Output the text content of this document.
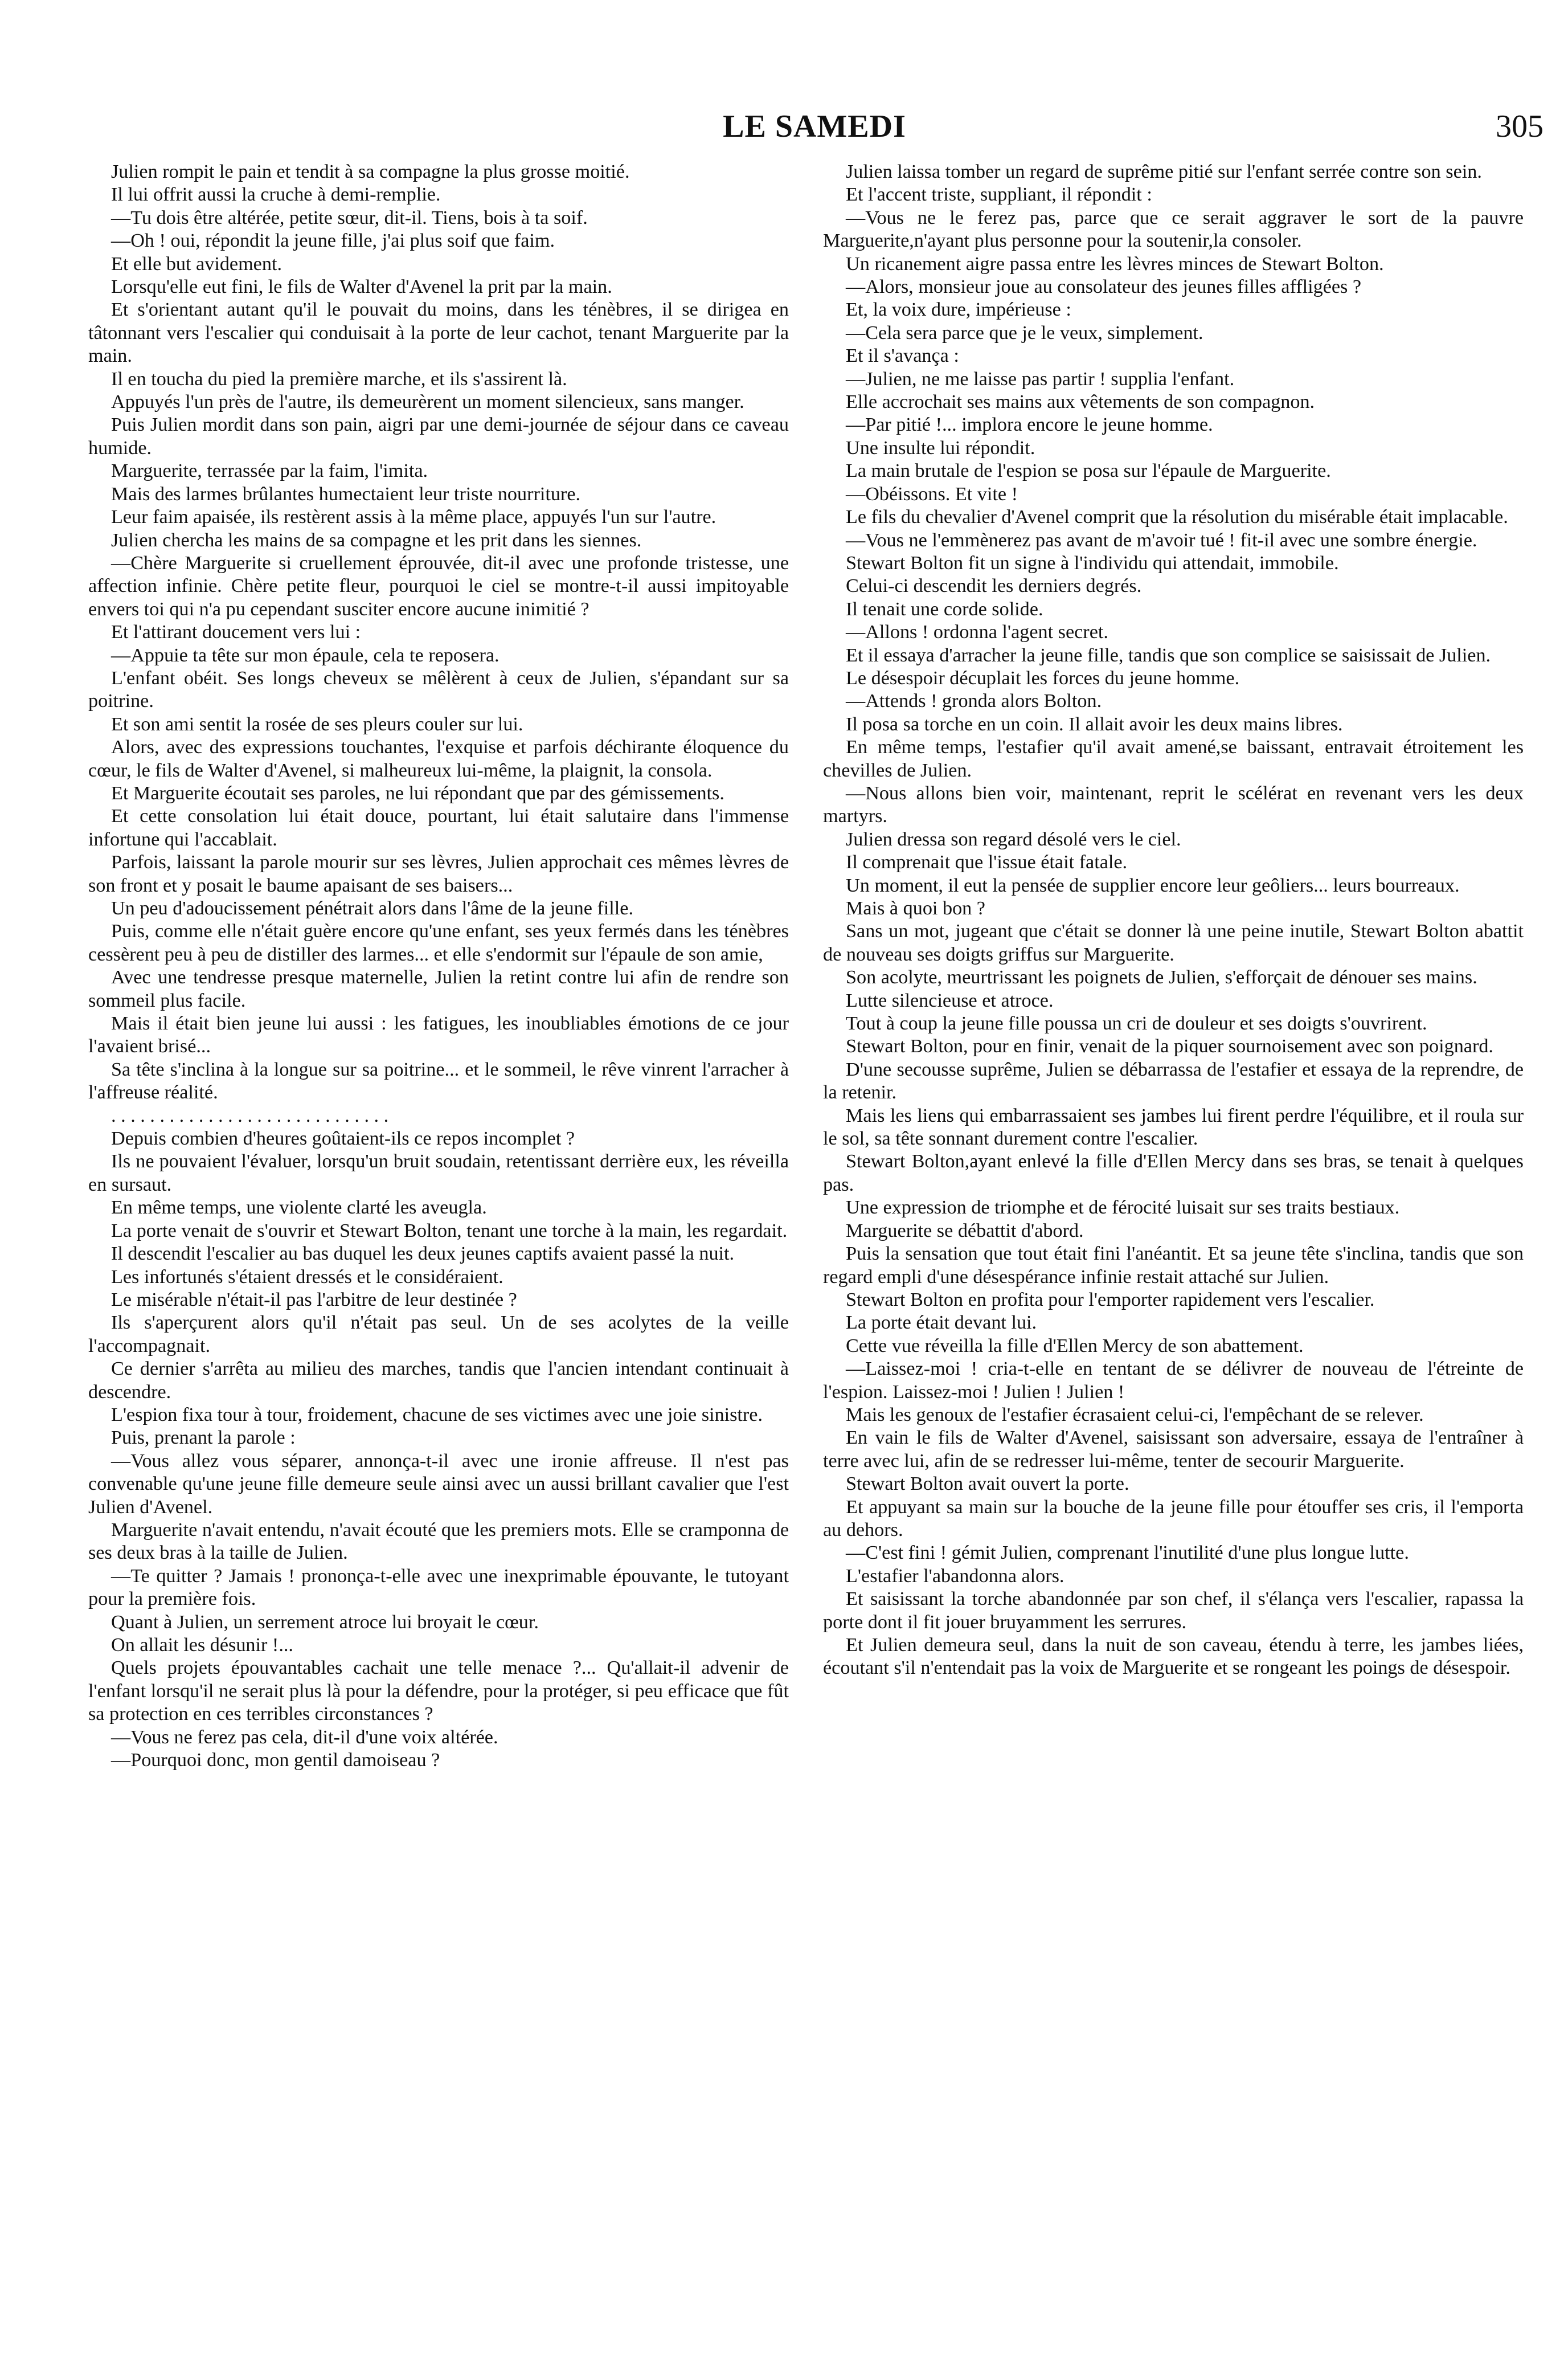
LE SAMEDI	305

Julien rompit le pain et tendit à sa compagne la plus grosse moitié.

Il lui offrit aussi la cruche à demi-remplie.

—Tu dois être altérée, petite sœur, dit-il. Tiens, bois à ta soif.

—Oh ! oui, répondit la jeune fille, j'ai plus soif que faim.

Et elle but avidement.

Lorsqu'elle eut fini, le fils de Walter d'Avenel la prit par la main.

Et s'orientant autant qu'il le pouvait du moins, dans les ténèbres, il se dirigea en tâtonnant vers l'escalier qui conduisait à la porte de leur cachot, tenant Marguerite par la main.

Il en toucha du pied la première marche, et ils s'assirent là.

Appuyés l'un près de l'autre, ils demeurèrent un moment silencieux, sans manger.

Puis Julien mordit dans son pain, aigri par une demi-journée de séjour dans ce caveau humide.

Marguerite, terrassée par la faim, l'imita.

Mais des larmes brûlantes humectaient leur triste nourriture.

Leur faim apaisée, ils restèrent assis à la même place, appuyés l'un sur l'autre.

Julien chercha les mains de sa compagne et les prit dans les siennes.

—Chère Marguerite si cruellement éprouvée, dit-il avec une profonde tristesse, une affection infinie. Chère petite fleur, pourquoi le ciel se montre-t-il aussi impitoyable envers toi qui n'a pu cependant susciter encore aucune inimitié ?

Et l'attirant doucement vers lui :

—Appuie ta tête sur mon épaule, cela te reposera.

L'enfant obéit. Ses longs cheveux se mêlèrent à ceux de Julien, s'épandant sur sa poitrine.

Et son ami sentit la rosée de ses pleurs couler sur lui.

Alors, avec des expressions touchantes, l'exquise et parfois déchirante éloquence du cœur, le fils de Walter d'Avenel, si malheureux lui-même, la plaignit, la consola.

Et Marguerite écoutait ses paroles, ne lui répondant que par des gémissements.

Et cette consolation lui était douce, pourtant, lui était salutaire dans l'immense infortune qui l'accablait.

Parfois, laissant la parole mourir sur ses lèvres, Julien approchait ces mêmes lèvres de son front et y posait le baume apaisant de ses baisers...

Un peu d'adoucissement pénétrait alors dans l'âme de la jeune fille.

Puis, comme elle n'était guère encore qu'une enfant, ses yeux fermés dans les ténèbres cessèrent peu à peu de distiller des larmes... et elle s'endormit sur l'épaule de son amie,

Avec une tendresse presque maternelle, Julien la retint contre lui afin de rendre son sommeil plus facile.

Mais il était bien jeune lui aussi : les fatigues, les inoubliables émotions de ce jour l'avaient brisé...

Sa tête s'inclina à la longue sur sa poitrine... et le sommeil, le rêve vinrent l'arracher à l'affreuse réalité.

. . . . . . . . . . . . . . . . . . . . . . . . . . . . .

Depuis combien d'heures goûtaient-ils ce repos incomplet ?

Ils ne pouvaient l'évaluer, lorsqu'un bruit soudain, retentissant derrière eux, les réveilla en sursaut.

En même temps, une violente clarté les aveugla.

La porte venait de s'ouvrir et Stewart Bolton, tenant une torche à la main, les regardait.

Il descendit l'escalier au bas duquel les deux jeunes captifs avaient passé la nuit.

Les infortunés s'étaient dressés et le considéraient.

Le misérable n'était-il pas l'arbitre de leur destinée ?

Ils s'aperçurent alors qu'il n'était pas seul. Un de ses acolytes de la veille l'accompagnait.

Ce dernier s'arrêta au milieu des marches, tandis que l'ancien intendant continuait à descendre.

L'espion fixa tour à tour, froidement, chacune de ses victimes avec une joie sinistre.

Puis, prenant la parole :

—Vous allez vous séparer, annonça-t-il avec une ironie affreuse. Il n'est pas convenable qu'une jeune fille demeure seule ainsi avec un aussi brillant cavalier que l'est Julien d'Avenel.

Marguerite n'avait entendu, n'avait écouté que les premiers mots. Elle se cramponna de ses deux bras à la taille de Julien.

—Te quitter ? Jamais ! prononça-t-elle avec une inexprimable épouvante, le tutoyant pour la première fois.

Quant à Julien, un serrement atroce lui broyait le cœur.

On allait les désunir !...

Quels projets épouvantables cachait une telle menace ?... Qu'allait-il advenir de l'enfant lorsqu'il ne serait plus là pour la défendre, pour la protéger, si peu efficace que fût sa protection en ces terribles circonstances ?

—Vous ne ferez pas cela, dit-il d'une voix altérée.

—Pourquoi donc, mon gentil damoiseau ?

Julien laissa tomber un regard de suprême pitié sur l'enfant serrée contre son sein.

Et l'accent triste, suppliant, il répondit :

—Vous ne le ferez pas, parce que ce serait aggraver le sort de la pauvre Marguerite,n'ayant plus personne pour la soutenir,la consoler.

Un ricanement aigre passa entre les lèvres minces de Stewart Bolton.

—Alors, monsieur joue au consolateur des jeunes filles affligées ?

Et, la voix dure, impérieuse :

—Cela sera parce que je le veux, simplement.

Et il s'avança :

—Julien, ne me laisse pas partir ! supplia l'enfant.

Elle accrochait ses mains aux vêtements de son compagnon.

—Par pitié !... implora encore le jeune homme.

Une insulte lui répondit.

La main brutale de l'espion se posa sur l'épaule de Marguerite.

—Obéissons. Et vite !

Le fils du chevalier d'Avenel comprit que la résolution du misérable était implacable.

—Vous ne l'emmènerez pas avant de m'avoir tué ! fit-il avec une sombre énergie.

Stewart Bolton fit un signe à l'individu qui attendait, immobile.

Celui-ci descendit les derniers degrés.

Il tenait une corde solide.

—Allons ! ordonna l'agent secret.

Et il essaya d'arracher la jeune fille, tandis que son complice se saisissait de Julien.

Le désespoir décuplait les forces du jeune homme.

—Attends ! gronda alors Bolton.

Il posa sa torche en un coin. Il allait avoir les deux mains libres.

En même temps, l'estafier qu'il avait amené,se baissant, entravait étroitement les chevilles de Julien.

—Nous allons bien voir, maintenant, reprit le scélérat en revenant vers les deux martyrs.

Julien dressa son regard désolé vers le ciel.

Il comprenait que l'issue était fatale.

Un moment, il eut la pensée de supplier encore leur geôliers... leurs bourreaux.

Mais à quoi bon ?

Sans un mot, jugeant que c'était se donner là une peine inutile, Stewart Bolton abattit de nouveau ses doigts griffus sur Marguerite.

Son acolyte, meurtrissant les poignets de Julien, s'efforçait de dénouer ses mains.

Lutte silencieuse et atroce.

Tout à coup la jeune fille poussa un cri de douleur et ses doigts s'ouvrirent.

Stewart Bolton, pour en finir, venait de la piquer sournoisement avec son poignard.

D'une secousse suprême, Julien se débarrassa de l'estafier et essaya de la reprendre, de la retenir.

Mais les liens qui embarrassaient ses jambes lui firent perdre l'équilibre, et il roula sur le sol, sa tête sonnant durement contre l'escalier.

Stewart Bolton,ayant enlevé la fille d'Ellen Mercy dans ses bras, se tenait à quelques pas.

Une expression de triomphe et de férocité luisait sur ses traits bestiaux.

Marguerite se débattit d'abord.

Puis la sensation que tout était fini l'anéantit. Et sa jeune tête s'inclina, tandis que son regard empli d'une désespérance infinie restait attaché sur Julien.

Stewart Bolton en profita pour l'emporter rapidement vers l'escalier.

La porte était devant lui.

Cette vue réveilla la fille d'Ellen Mercy de son abattement.

—Laissez-moi ! cria-t-elle en tentant de se délivrer de nouveau de l'étreinte de l'espion. Laissez-moi ! Julien ! Julien !

Mais les genoux de l'estafier écrasaient celui-ci, l'empêchant de se relever.

En vain le fils de Walter d'Avenel, saisissant son adversaire, essaya de l'entraîner à terre avec lui, afin de se redresser lui-même, tenter de secourir Marguerite.

Stewart Bolton avait ouvert la porte.

Et appuyant sa main sur la bouche de la jeune fille pour étouffer ses cris, il l'emporta au dehors.

—C'est fini ! gémit Julien, comprenant l'inutilité d'une plus longue lutte.

L'estafier l'abandonna alors.

Et saisissant la torche abandonnée par son chef, il s'élança vers l'escalier, rapassa la porte dont il fit jouer bruyamment les serrures.

Et Julien demeura seul, dans la nuit de son caveau, étendu à terre, les jambes liées, écoutant s'il n'entendait pas la voix de Marguerite et se rongeant les poings de désespoir.
